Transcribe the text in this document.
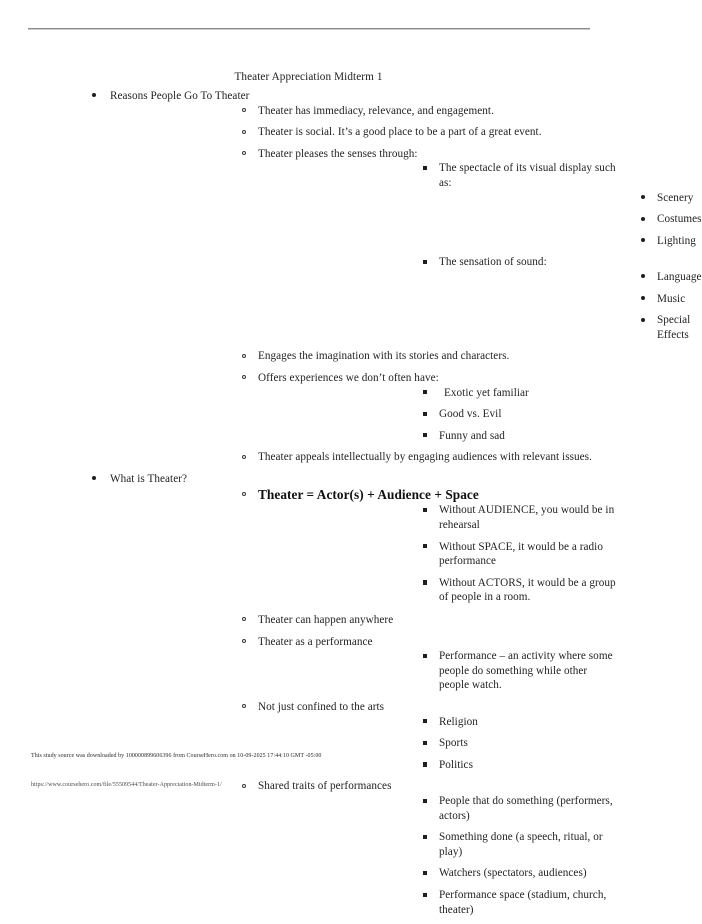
Theater Appreciation Midterm 1
Reasons People Go To Theater
Theater has immediacy, relevance, and engagement.
Theater is social. It’s a good place to be a part of a great event.
Theater pleases the senses through:
The spectacle of its visual display such as:
Scenery
Costumes
Lighting
The sensation of sound:
Language
Music
Special Effects
Engages the imagination with its stories and characters.
Offers experiences we don’t often have:
Exotic yet familiar
Good vs. Evil
Funny and sad
Theater appeals intellectually by engaging audiences with relevant issues.
What is Theater?
Theater = Actor(s) + Audience + Space
Without AUDIENCE, you would be in rehearsal
Without SPACE, it would be a radio performance
Without ACTORS, it would be a group of people in a room.
Theater can happen anywhere
Theater as a performance
Performance – an activity where some people do something while other people watch.
Not just confined to the arts
Religion
Sports
Politics
Shared traits of performances
People that do something (performers, actors)
Something done (a speech, ritual, or play)
Watchers (spectators, audiences)
Performance space (stadium, church, theater)
This study source was downloaded by 100000899606396 from CourseHero.com on 10-09-2025 17:44:10 GMT -05:00
https://www.coursehero.com/file/55509544/Theater-Appreciation-Midterm-1/
